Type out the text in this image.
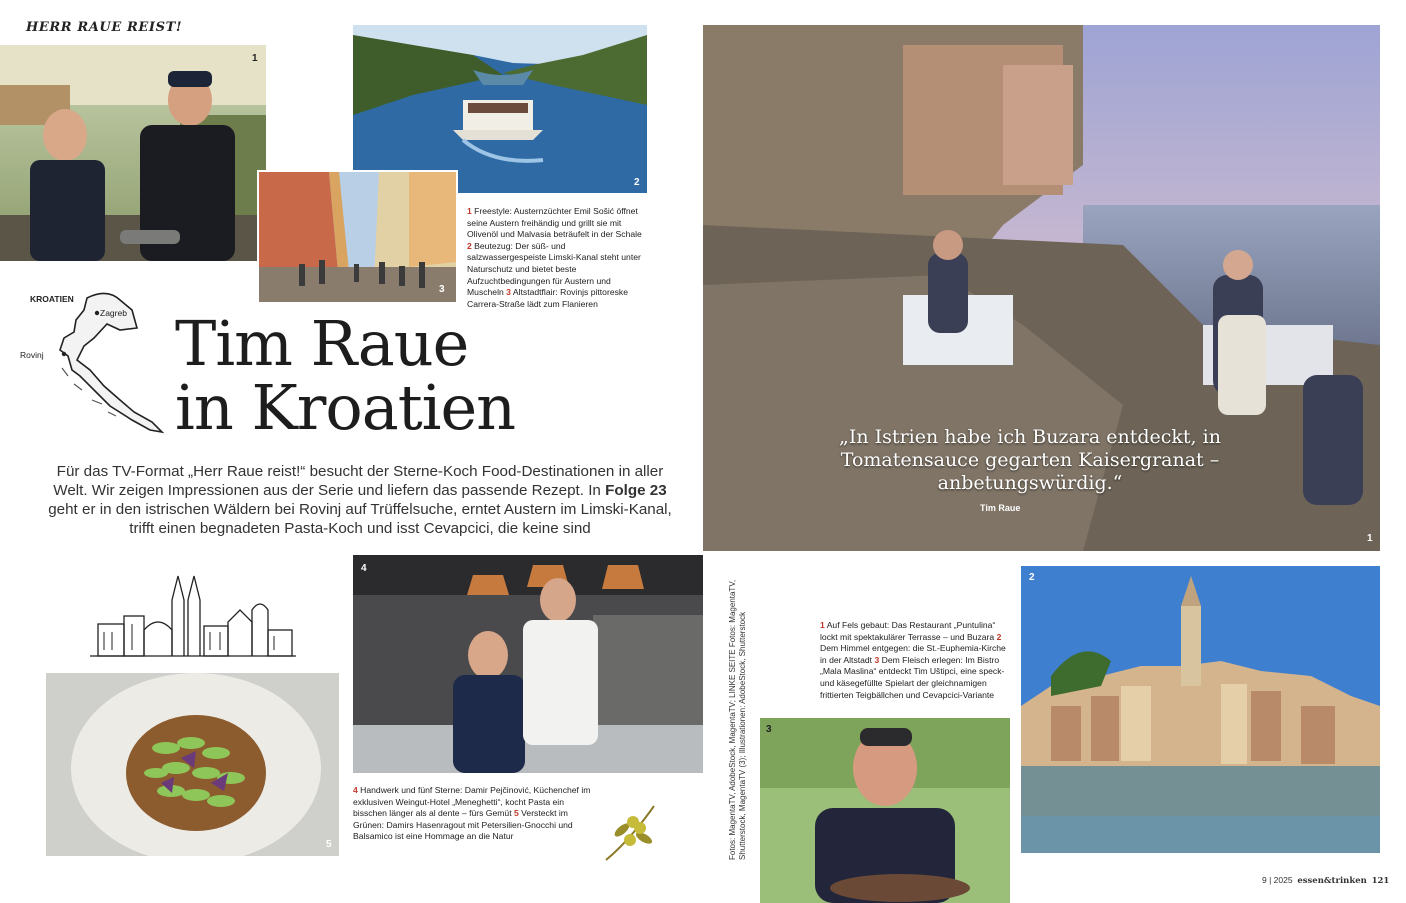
HERR RAUE REIST!
1
2
3
1 Freestyle: Austernzüchter Emil Sošić öffnet seine Austern freihändig und grillt sie mit Olivenöl und Malvasia beträufelt in der Schale 2 Beutezug: Der süß- und salzwassergespeiste Limski-Kanal steht unter Naturschutz und bietet beste Aufzuchtbedingungen für Austern und Muscheln 3 Altstadtflair: Rovinjs pittoreske Carrera-Straße lädt zum Flanieren
KROATIEN
Zagreb
Rovinj Tim Raue
in Kroatien
Für das TV-Format „Herr Raue reist!“ besucht der Sterne-Koch Food-Destinationen in aller Welt. Wir zeigen Impressionen aus der Serie und liefern das passende Rezept. In Folge 23 geht er in den istrischen Wäldern bei Rovinj auf Trüffelsuche, erntet Austern im Limski-Kanal, trifft einen begnadeten Pasta-Koch und isst Cevapcici, die keine sind
5
4
4 Handwerk und fünf Sterne: Damir Pejčinović, Küchenchef im exklusiven Weingut-Hotel „Meneghetti“, kocht Pasta ein bisschen länger als al dente – fürs Gemüt 5 Versteckt im Grünen: Damirs Hasenragout mit Petersilien-Gnocchi und Balsamico ist eine Hommage an die Natur
1
„In Istrien habe ich Buzara entdeckt, in Tomatensauce gegarten Kaisergranat – anbetungswürdig.“
Tim Raue
Fotos: MagentaTV, AdobeStock, MagentaTV; LINKE SEITE Fotos: MagentaTV, Shutterstock, MagentaTV (3); Illustrationen: AdobeStock, Shutterstock	1 Auf Fels gebaut: Das Restaurant „Puntulina“ lockt mit spektakulärer Terrasse – und Buzara 2 Dem Himmel entgegen: die St.-Euphemia-Kirche in der Altstadt 3 Dem Fleisch erlegen: Im Bistro „Mala Maslina“ entdeckt Tim Uštipci, eine speck- und käsegefüllte Spielart der gleichnamigen frittierten Teigbällchen und Cevapcici-Variante
3
2
9 | 2025 essen&trinken 121
